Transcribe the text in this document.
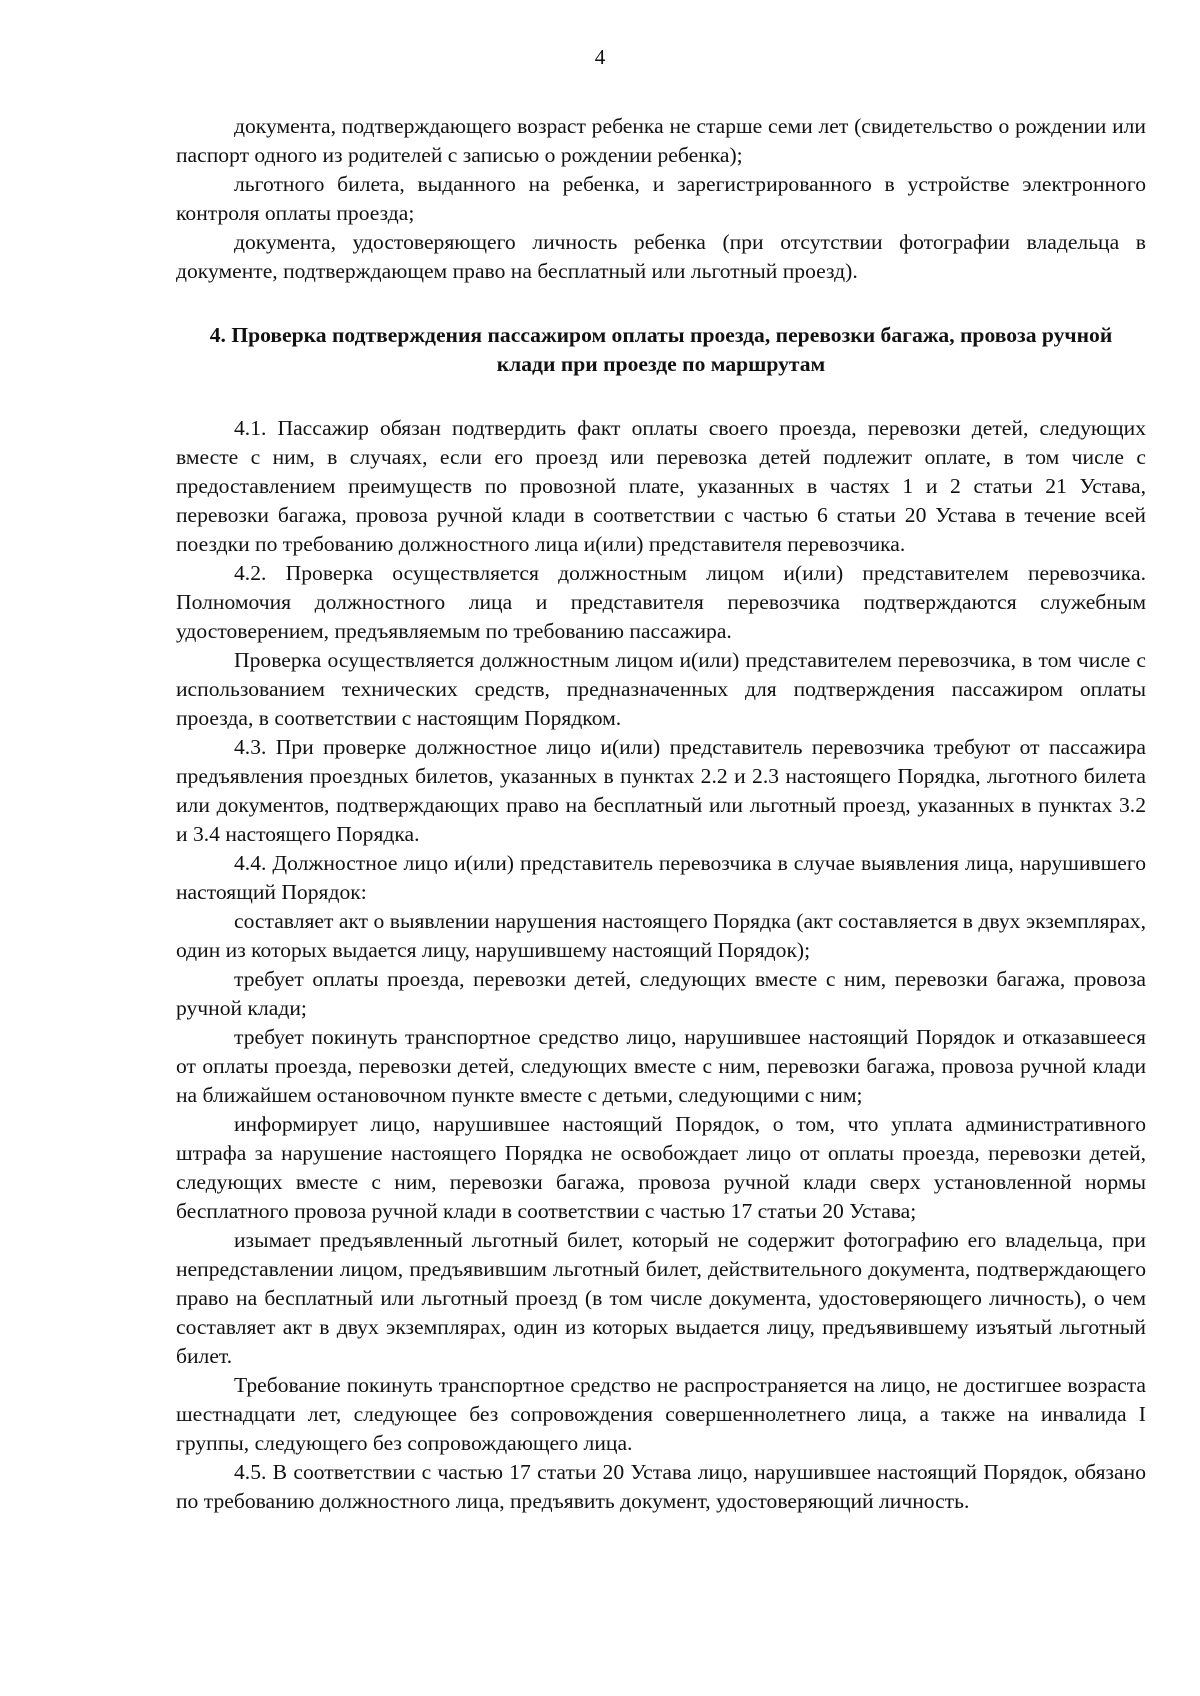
4

документа, подтверждающего возраст ребенка не старше семи лет (свидетельство о рождении или паспорт одного из родителей с записью о рождении ребенка);

льготного билета, выданного на ребенка, и зарегистрированного в устройстве электронного контроля оплаты проезда;

документа, удостоверяющего личность ребенка (при отсутствии фотографии владельца в документе, подтверждающем право на бесплатный или льготный проезд).

4. Проверка подтверждения пассажиром оплаты проезда, перевозки багажа, провоза ручной клади при проезде по маршрутам

4.1. Пассажир обязан подтвердить факт оплаты своего проезда, перевозки детей, следующих вместе с ним, в случаях, если его проезд или перевозка детей подлежит оплате, в том числе с предоставлением преимуществ по провозной плате, указанных в частях 1 и 2 статьи 21 Устава, перевозки багажа, провоза ручной клади в соответствии с частью 6 статьи 20 Устава в течение всей поездки по требованию должностного лица и(или) представителя перевозчика.

4.2. Проверка осуществляется должностным лицом и(или) представителем перевозчика. Полномочия должностного лица и представителя перевозчика подтверждаются служебным удостоверением, предъявляемым по требованию пассажира.

Проверка осуществляется должностным лицом и(или) представителем перевозчика, в том числе с использованием технических средств, предназначенных для подтверждения пассажиром оплаты проезда, в соответствии с настоящим Порядком.

4.3. При проверке должностное лицо и(или) представитель перевозчика требуют от пассажира предъявления проездных билетов, указанных в пунктах 2.2 и 2.3 настоящего Порядка, льготного билета или документов, подтверждающих право на бесплатный или льготный проезд, указанных в пунктах 3.2 и 3.4 настоящего Порядка.

4.4. Должностное лицо и(или) представитель перевозчика в случае выявления лица, нарушившего настоящий Порядок:

составляет акт о выявлении нарушения настоящего Порядка (акт составляется в двух экземплярах, один из которых выдается лицу, нарушившему настоящий Порядок);

требует оплаты проезда, перевозки детей, следующих вместе с ним, перевозки багажа, провоза ручной клади;

требует покинуть транспортное средство лицо, нарушившее настоящий Порядок и отказавшееся от оплаты проезда, перевозки детей, следующих вместе с ним, перевозки багажа, провоза ручной клади на ближайшем остановочном пункте вместе с детьми, следующими с ним;

информирует лицо, нарушившее настоящий Порядок, о том, что уплата административного штрафа за нарушение настоящего Порядка не освобождает лицо от оплаты проезда, перевозки детей, следующих вместе с ним, перевозки багажа, провоза ручной клади сверх установленной нормы бесплатного провоза ручной клади в соответствии с частью 17 статьи 20 Устава;

изымает предъявленный льготный билет, который не содержит фотографию его владельца, при непредставлении лицом, предъявившим льготный билет, действительного документа, подтверждающего право на бесплатный или льготный проезд (в том числе документа, удостоверяющего личность), о чем составляет акт в двух экземплярах, один из которых выдается лицу, предъявившему изъятый льготный билет.

Требование покинуть транспортное средство не распространяется на лицо, не достигшее возраста шестнадцати лет, следующее без сопровождения совершеннолетнего лица, а также на инвалида I группы, следующего без сопровождающего лица.

4.5. В соответствии с частью 17 статьи 20 Устава лицо, нарушившее настоящий Порядок, обязано по требованию должностного лица, предъявить документ, удостоверяющий личность.
